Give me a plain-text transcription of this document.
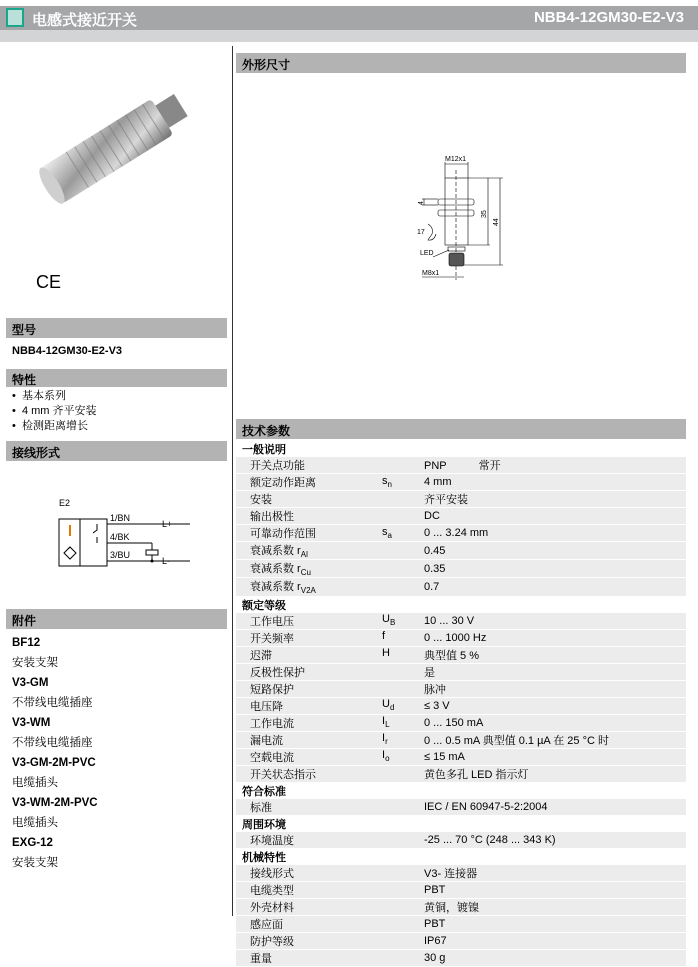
电感式接近开关	NBB4-12GM30-E2-V3
CE
型号
NBB4-12GM30-E2-V3
特性
•  基本系列
•  4 mm 齐平安装
•  检测距离增长
接线形式
E2
1/BN
4/BK
3/BU
L+
L-
附件
BF12
安装支架
V3-GM
不带线电缆插座
V3-WM
不带线电缆插座
V3-GM-2M-PVC
电缆插头
V3-WM-2M-PVC
电缆插头
EXG-12
安装支架
外形尺寸
M12x1
35
44
4
17
LED
M8x1
技术参数
一般说明		
开关点功能		PNP 常开
额定动作距离	$s_n$	4 mm
安装		齐平安装
输出极性		DC
可靠动作范围	$s_a$	0 ... 3.24 mm
衰减系数 $r_{Al}$		0.45
衰减系数 $r_{Cu}$		0.35
衰减系数 $r_{V2A}$		0.7
额定等级		
工作电压	$U_B$	10 ... 30 V
开关频率	f	0 ... 1000 Hz
迟滞	H	典型值 5 %
反极性保护		是
短路保护		脉冲
电压降	$U_d$	≤ 3 V
工作电流	$I_L$	0 ... 150 mA
漏电流	$I_r$	0 ... 0.5 mA 典型值 0.1 µA 在 25 °C 时
空载电流	$I_o$	≤ 15 mA
开关状态指示		黄色多孔 LED 指示灯
符合标准		
标准		IEC / EN 60947-5-2:2004
周围环境		
环境温度		-25 ... 70 °C (248 ... 343 K)
机械特性		
接线形式		V3- 连接器
电缆类型		PBT
外壳材料		黄铜，镀镍
感应面		PBT
防护等级		IP67
重量		30 g
